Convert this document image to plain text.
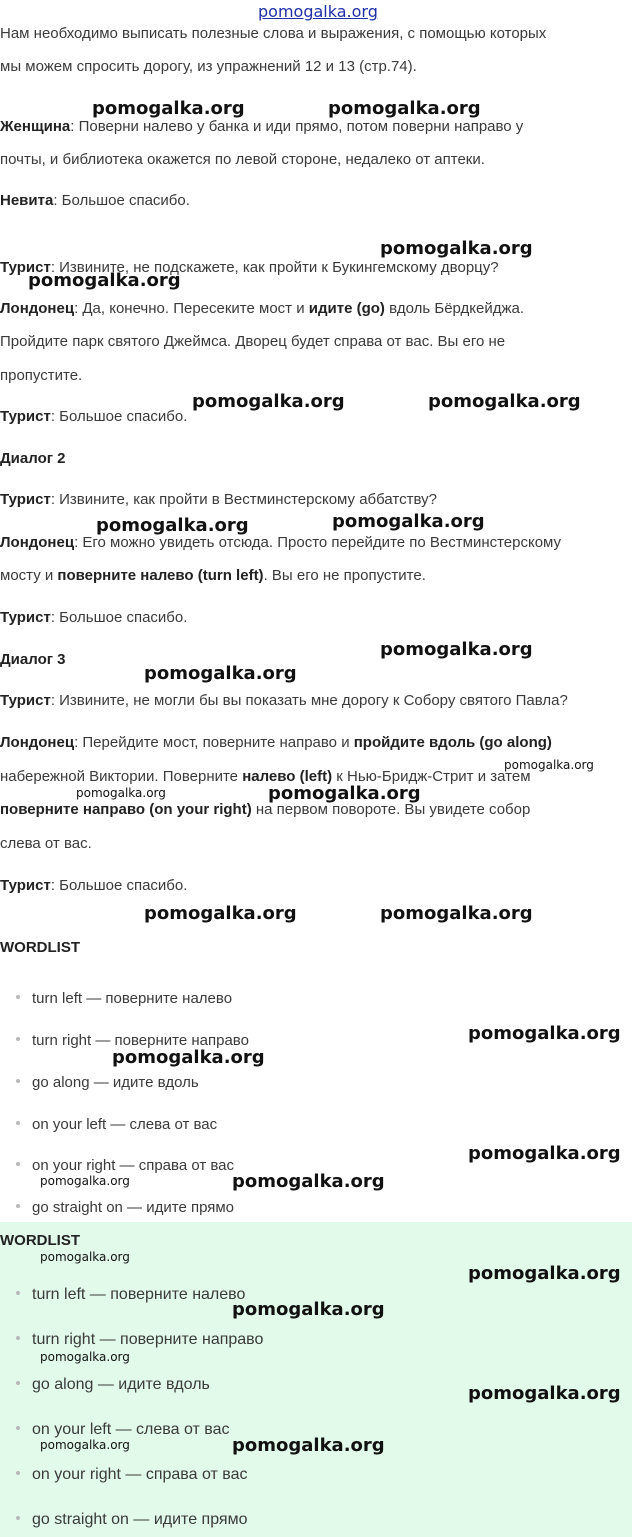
pomogalka.org
Нам необходимо выписать полезные слова и выражения, с помощью которых
мы можем спросить дорогу, из упражнений 12 и 13 (стр.74).
Женщина: Поверни налево у банка и иди прямо, потом поверни направо у
почты, и библиотека окажется по левой стороне, недалеко от аптеки.
Невита: Большое спасибо.
Турист: Извините, не подскажете, как пройти к Букингемскому дворцу?
Лондонец: Да, конечно. Пересеките мост и идите (go) вдоль Бёрдкейджа.
Пройдите парк святого Джеймса. Дворец будет справа от вас. Вы его не
пропустите.
Турист: Большое спасибо.
Диалог 2
Турист: Извините, как пройти в Вестминстерскому аббатству?
Лондонец: Его можно увидеть отсюда. Просто перейдите по Вестминстерскому
мосту и поверните налево (turn left). Вы его не пропустите.
Турист: Большое спасибо.
Диалог 3
Турист: Извините, не могли бы вы показать мне дорогу к Собору святого Павла?
Лондонец: Перейдите мост, поверните направо и пройдите вдоль (go along)
набережной Виктории. Поверните налево (left) к Нью-Бридж-Стрит и затем
поверните направо (on your right) на первом повороте. Вы увидете собор
слева от вас.
Турист: Большое спасибо.
WORDLIST
turn left — поверните налево
turn right — поверните направо
go along — идите вдоль
on your left — слева от вас
on your right — справа от вас
go straight on — идите прямо
WORDLIST
turn left — поверните налево
turn right — поверните направо
go along — идите вдоль
on your left — слева от вас
on your right — справа от вас
go straight on — идите прямо
pomogalka.org	pomogalka.org
pomogalka.org
pomogalka.org
pomogalka.org	pomogalka.org
pomogalka.org	pomogalka.org
pomogalka.org
pomogalka.org
pomogalka.org
pomogalka.org	pomogalka.org
pomogalka.org	pomogalka.org
pomogalka.org
pomogalka.org
pomogalka.org
pomogalka.org	pomogalka.org
pomogalka.org
pomogalka.org
pomogalka.org
pomogalka.org
pomogalka.org
pomogalka.org	pomogalka.org
